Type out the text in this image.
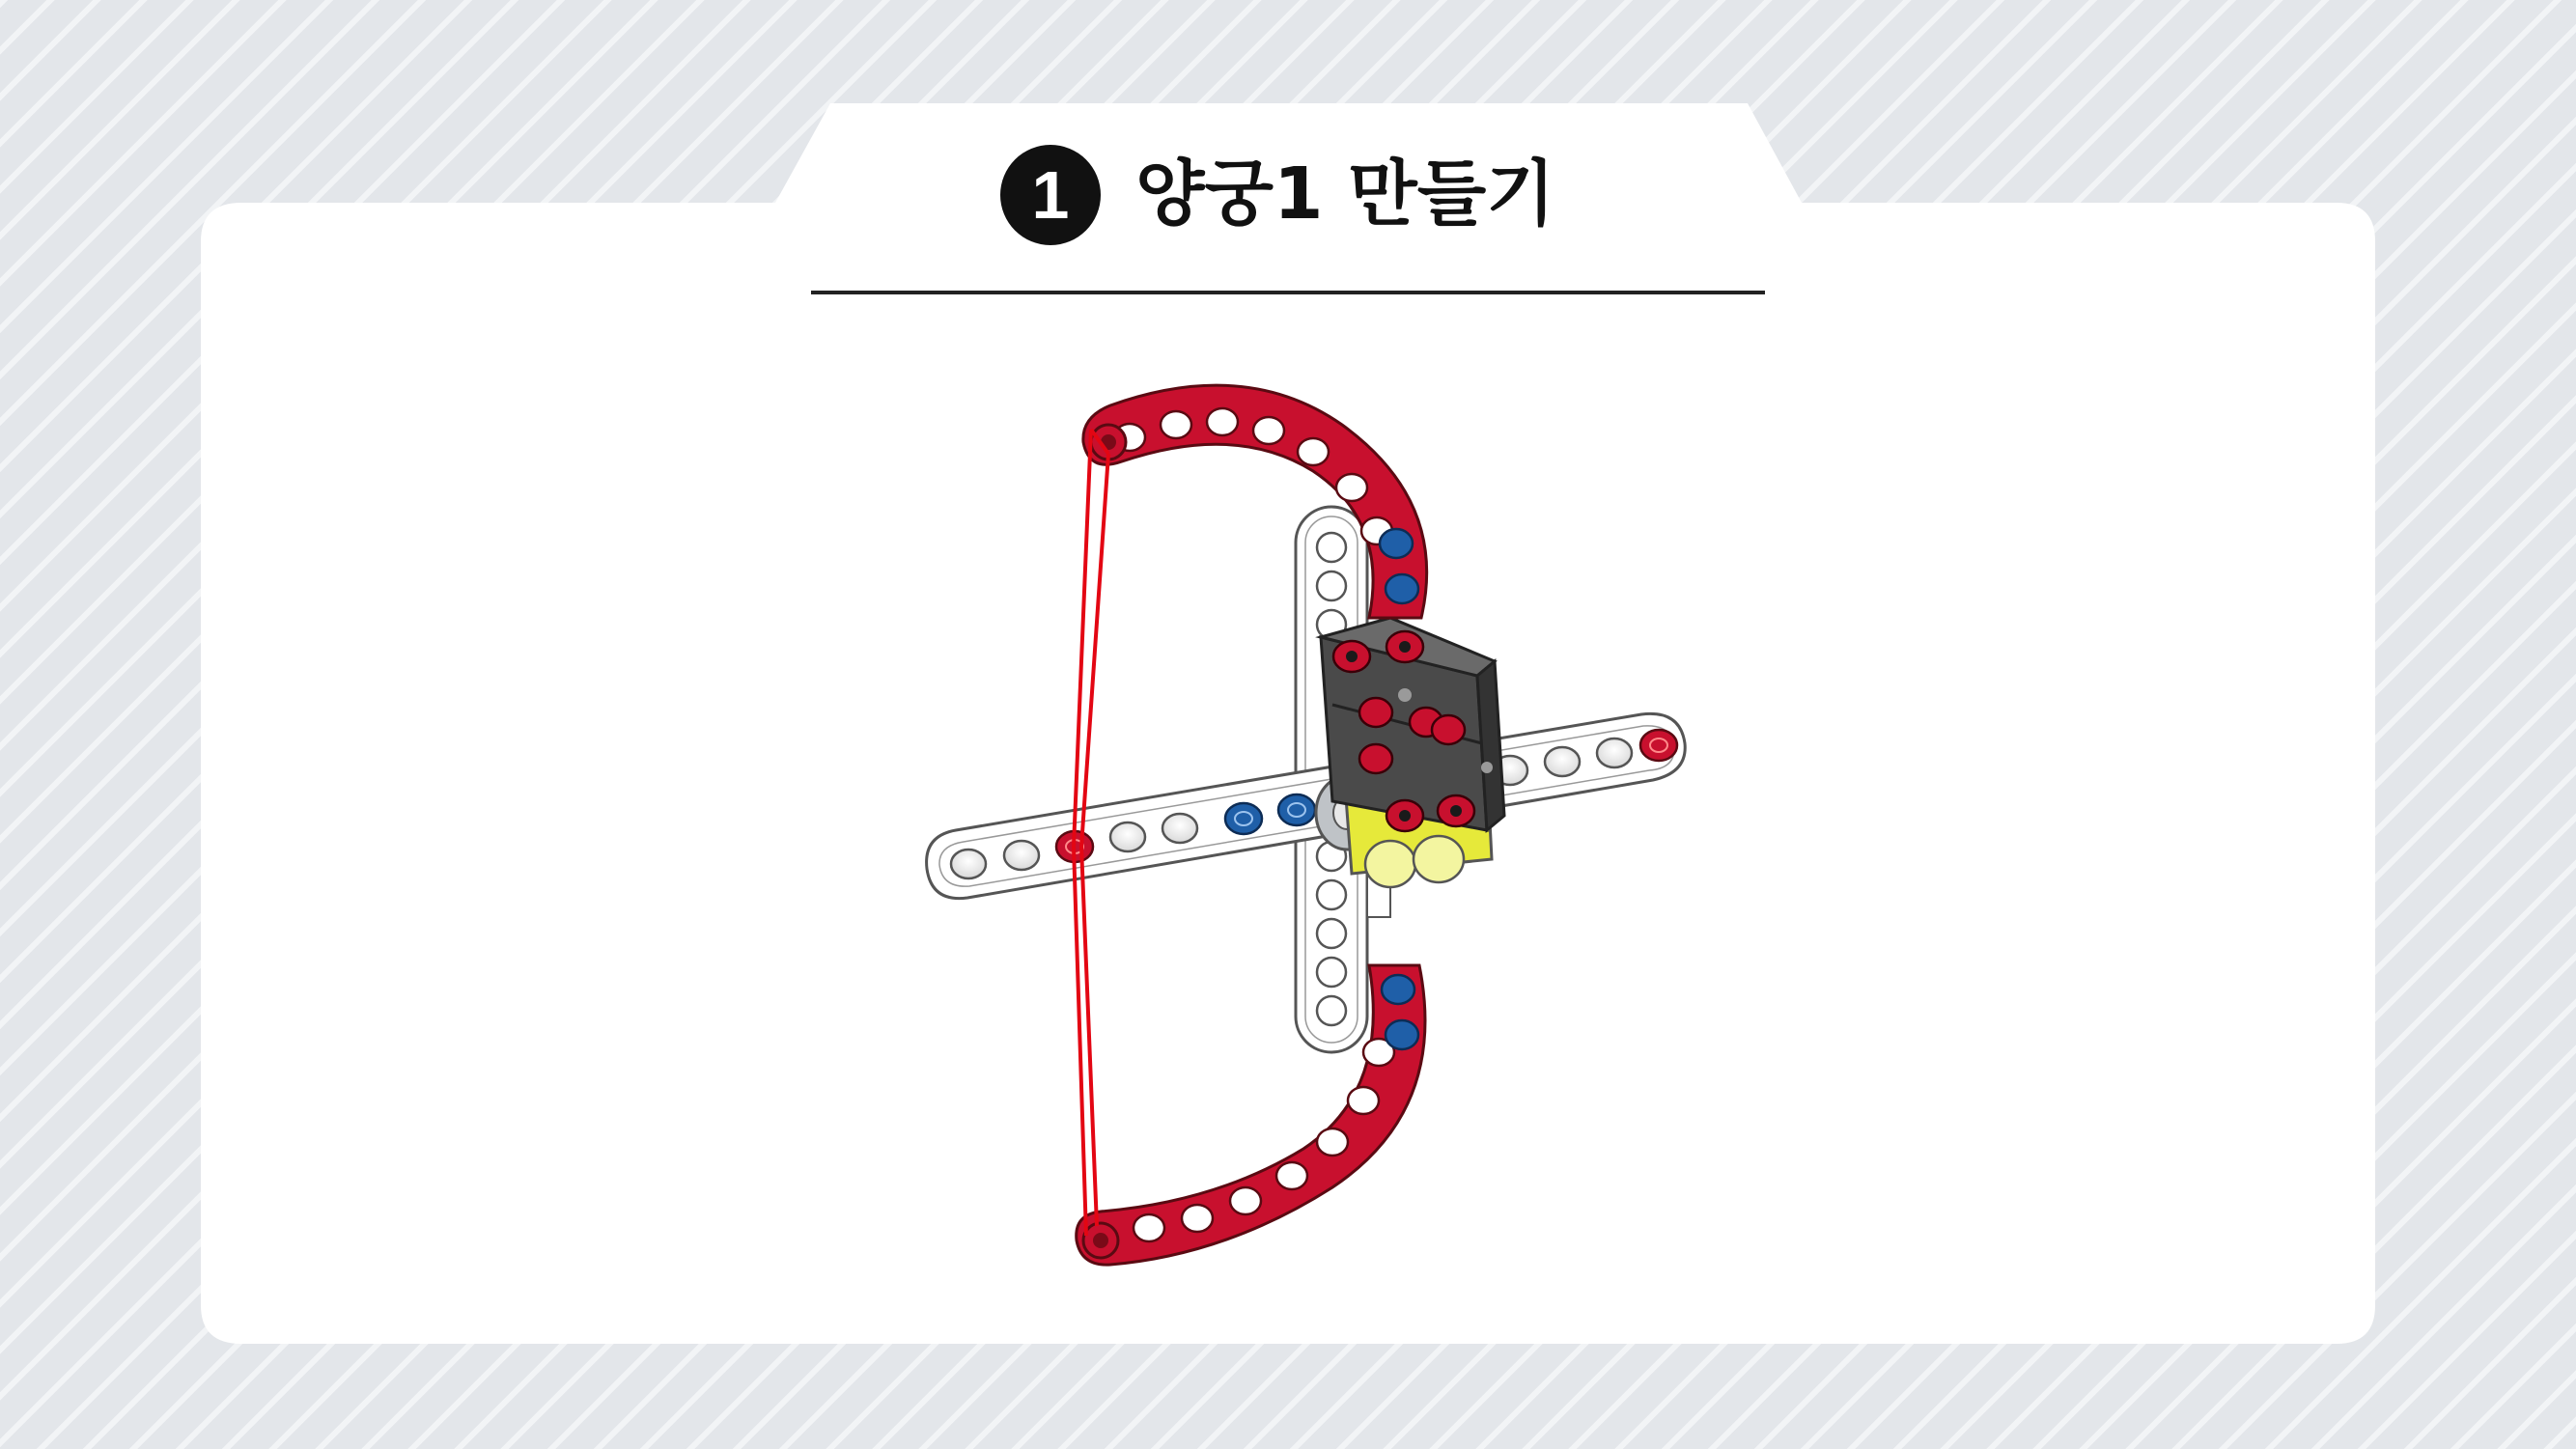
1 양궁1 만들기
